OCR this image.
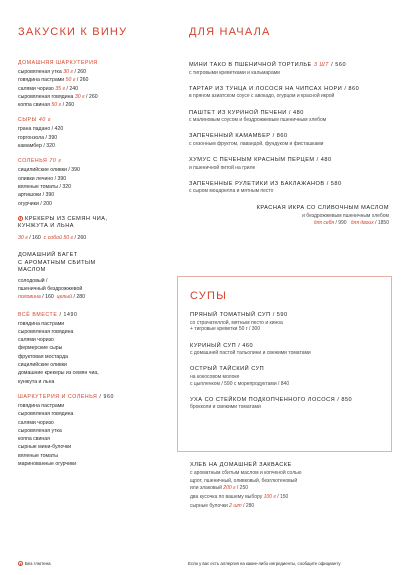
ЗАКУСКИ К ВИНУ
ДОМАШНЯЯ ШАРКУТЕРИЯ
сыровяленая утка 30 г / 260
говядина пастрами 50 г / 260
салями чоризо 35 г / 240
сыровяленая говядина 30 г / 260
коппа свиная 50 г / 260
СЫРЫ 40 г
грана падано / 420
горгонзола / 390
камамбер / 320
СОЛЕНЬЯ 70 г
сицилийские оливки / 390
оливки лечино / 390
вяленые томаты / 320
артишоки / 390
огурчики / 200
КРЕКЕРЫ ИЗ СЕМЯН ЧИА,
КУНЖУТА И ЛЬНА
30 г / 160 с собой 50 г / 260
ДОМАШНИЙ БАГЕТ
С АРОМАТНЫМ СБИТЫМ
МАСЛОМ
солодовый /
пшеничный бездрожжевой
половина / 160 целый / 280
ВСЁ ВМЕСТЕ / 1490
говядина пастрами
сыровяленая говядина
салями чоризо
фермерские сыры
фруктовая мостарда
сицилийские оливки
домашние крекеры из семян чиа,
кунжута и льна
ШАРКУТЕРИЯ И СОЛЕНЬЯ / 960
говядина пастрами
сыровяленая говядина
салями чоризо
сыровяленая утка
коппа свиная
сырные мини-булочки
вяленые томаты
маринованные огурчики
ДЛЯ НАЧАЛА
МИНИ ТАКО В ПШЕНИЧНОЙ ТОРТИЛЬЕ 3 ШТ / 560
с тигровыми креветками и кальмарами
ТАРТАР ИЗ ТУНЦА И ЛОСОСЯ НА ЧИПСАХ НОРИ / 860
в пряном азиатском соусе с авокадо, огурцом и красной икрой
ПАШТЕТ ИЗ КУРИНОЙ ПЕЧЕНИ / 480
с малиновым соусом и бездрожжевым пшеничным хлебом
ЗАПЕЧЕННЫЙ КАМАМБЕР / 860
с сезонным фруктом, лавандой, фундуком и фисташками
ХУМУС С ПЕЧЕНЫМ КРАСНЫМ ПЕРЦЕМ / 480
и пшеничной питой на гриле
ЗАПЕЧЕННЫЕ РУЛЕТИКИ ИЗ БАКЛАЖАНОВ / 580
с сыром моцарелла и мятным песто
КРАСНАЯ ИКРА СО СЛИВОЧНЫМ МАСЛОМ
и бездрожжевым пшеничным хлебом
для себя / 990 для двоих / 1850
СУПЫ
ПРЯНЫЙ ТОМАТНЫЙ СУП / 590
со страчателлой, мятным песто и киноа
+ тигровые креветки 50 г / 300
КУРИНЫЙ СУП / 460
с домашней пастой тальолини и свежими томатами
ОСТРЫЙ ТАЙСКИЙ СУП
на кокосовом молоке
с цыпленком / 590 с морепродуктами / 840
УХА СО СТЕЙКОМ ПОДКОПЧЕННОГО ЛОСОСЯ / 850
брокколи и свежими томатами
ХЛЕБ НА ДОМАШНЕЙ ЗАКВАСКЕ
с ароматным сбитым маслом и копченой солью
щрот, пшеничный, оливковый, безглютеновый
или злаковый 200 г / 250
два кусочка по вашему выбору 100 г / 150
сырные булочки 2 шт / 280
Без глютена	Если у вас есть аллергия на какие-либо ингредиенты, сообщите официанту
